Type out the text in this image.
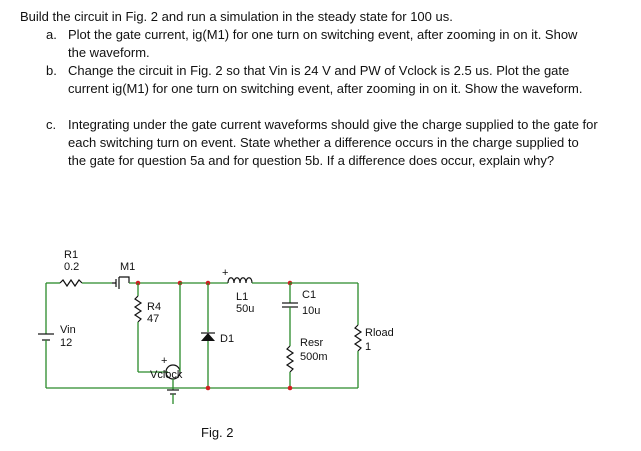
Build the circuit in Fig. 2 and run a simulation in the steady state for 100 us.
a. Plot the gate current, ig(M1) for one turn on switching event, after zooming in on it. Show the waveform.
b. Change the circuit in Fig. 2 so that Vin is 24 V and PW of Vclock is 2.5 us. Plot the gate current ig(M1) for one turn on switching event, after zooming in on it. Show the waveform.
c. Integrating under the gate current waveforms should give the charge supplied to the gate for each switching turn on event. State whether a difference occurs in the charge supplied to the gate for question 5a and for question 5b. If a difference does occur, explain why?
R1
0.2	M1
R4
47
L1
50u
+
C1
10u
Vin
12	D1	Resr
500m
Rload
1
Vclock
+
Fig. 2
